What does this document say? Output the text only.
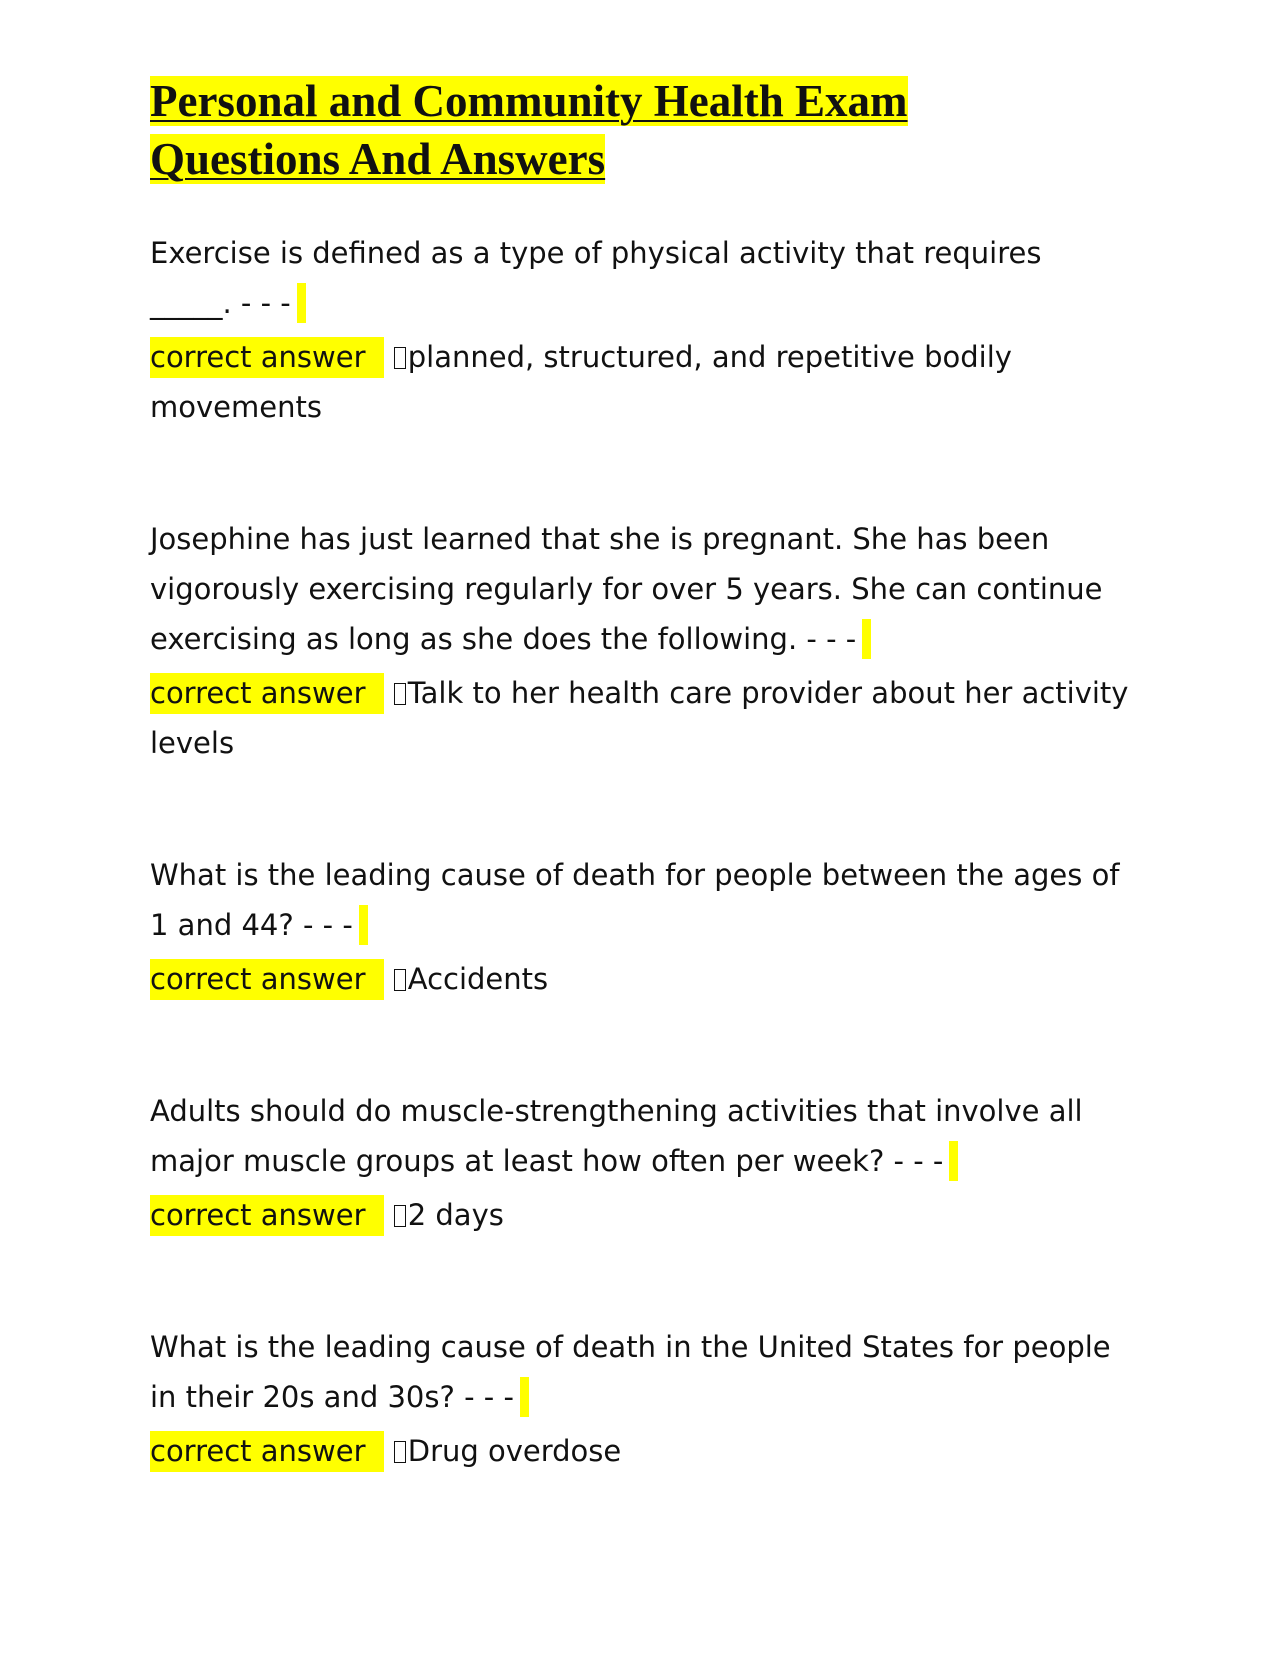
Personal and Community Health Exam
Questions And Answers

Exercise is defined as a type of physical activity that requires _____. - - -

correct answer planned, structured, and repetitive bodily movements

Josephine has just learned that she is pregnant. She has been vigorously exercising regularly for over 5 years. She can continue exercising as long as she does the following. - - -

correct answer Talk to her health care provider about her activity levels

What is the leading cause of death for people between the ages of 1 and 44? - - -

correct answer Accidents

Adults should do muscle-strengthening activities that involve all major muscle groups at least how often per week? - - -

correct answer 2 days

What is the leading cause of death in the United States for people in their 20s and 30s? - - -

correct answer Drug overdose
